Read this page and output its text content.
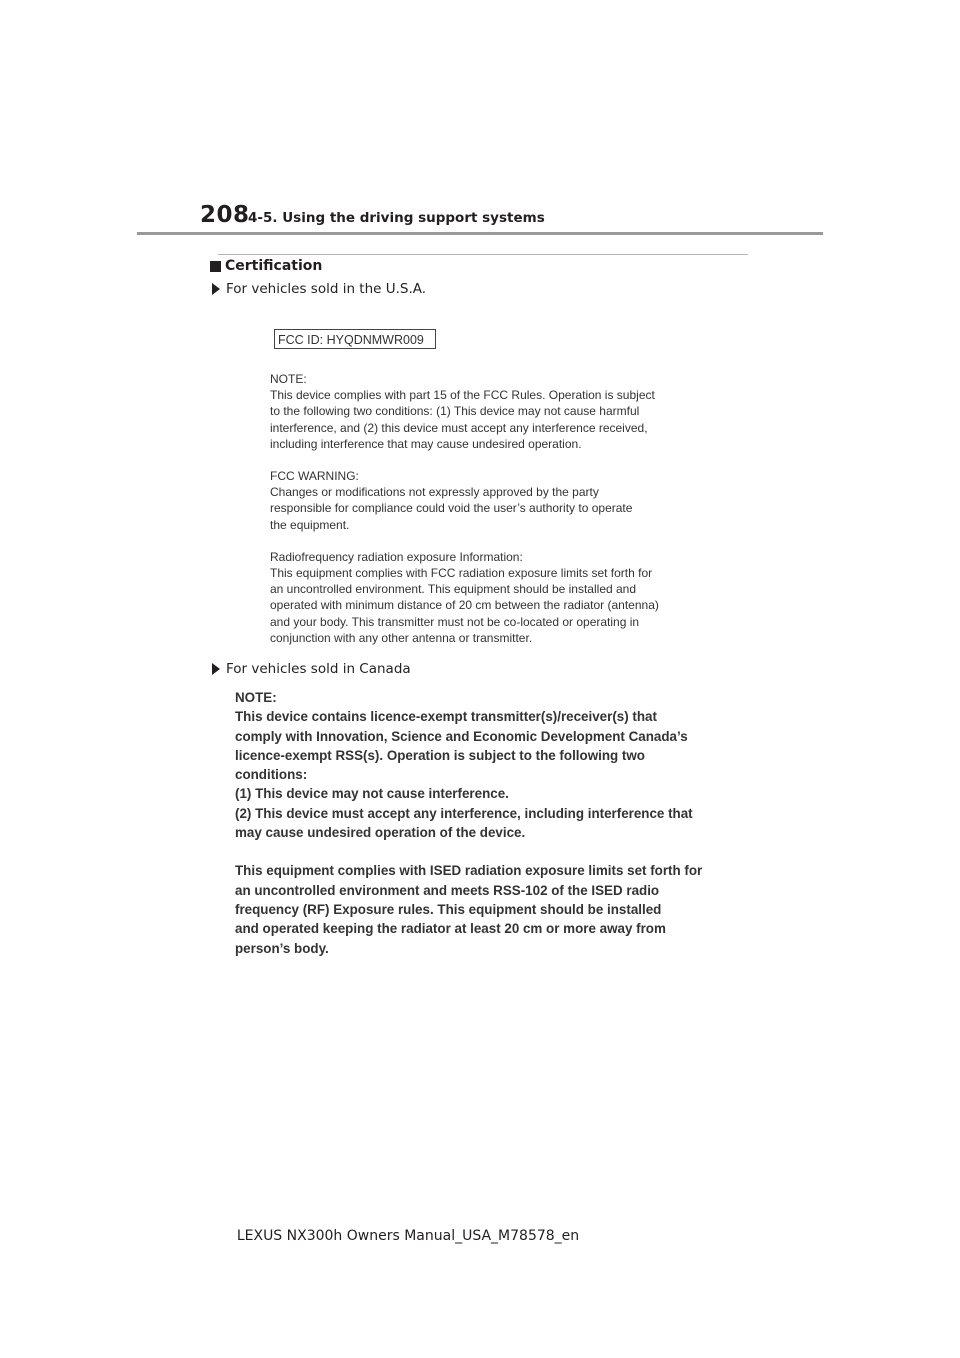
208
4-5. Using the driving support systems
Certification
For vehicles sold in the U.S.A.
FCC ID: HYQDNMWR009

NOTE:
This device complies with part 15 of the FCC Rules. Operation is subject
to the following two conditions: (1) This device may not cause harmful
interference, and (2) this device must accept any interference received,
including interference that may cause undesired operation.

FCC WARNING:
Changes or modifications not expressly approved by the party
responsible for compliance could void the user’s authority to operate
the equipment.

Radiofrequency radiation exposure Information:
This equipment complies with FCC radiation exposure limits set forth for
an uncontrolled environment. This equipment should be installed and
operated with minimum distance of 20 cm between the radiator (antenna)
and your body. This transmitter must not be co-located or operating in
conjunction with any other antenna or transmitter.

For vehicles sold in Canada

NOTE:
This device contains licence-exempt transmitter(s)/receiver(s) that
comply with Innovation, Science and Economic Development Canada’s
licence-exempt RSS(s). Operation is subject to the following two
conditions:
(1) This device may not cause interference.
(2) This device must accept any interference, including interference that
may cause undesired operation of the device.

This equipment complies with ISED radiation exposure limits set forth for
an uncontrolled environment and meets RSS-102 of the ISED radio
frequency (RF) Exposure rules. This equipment should be installed
and operated keeping the radiator at least 20 cm or more away from
person’s body.

LEXUS NX300h Owners Manual_USA_M78578_en
